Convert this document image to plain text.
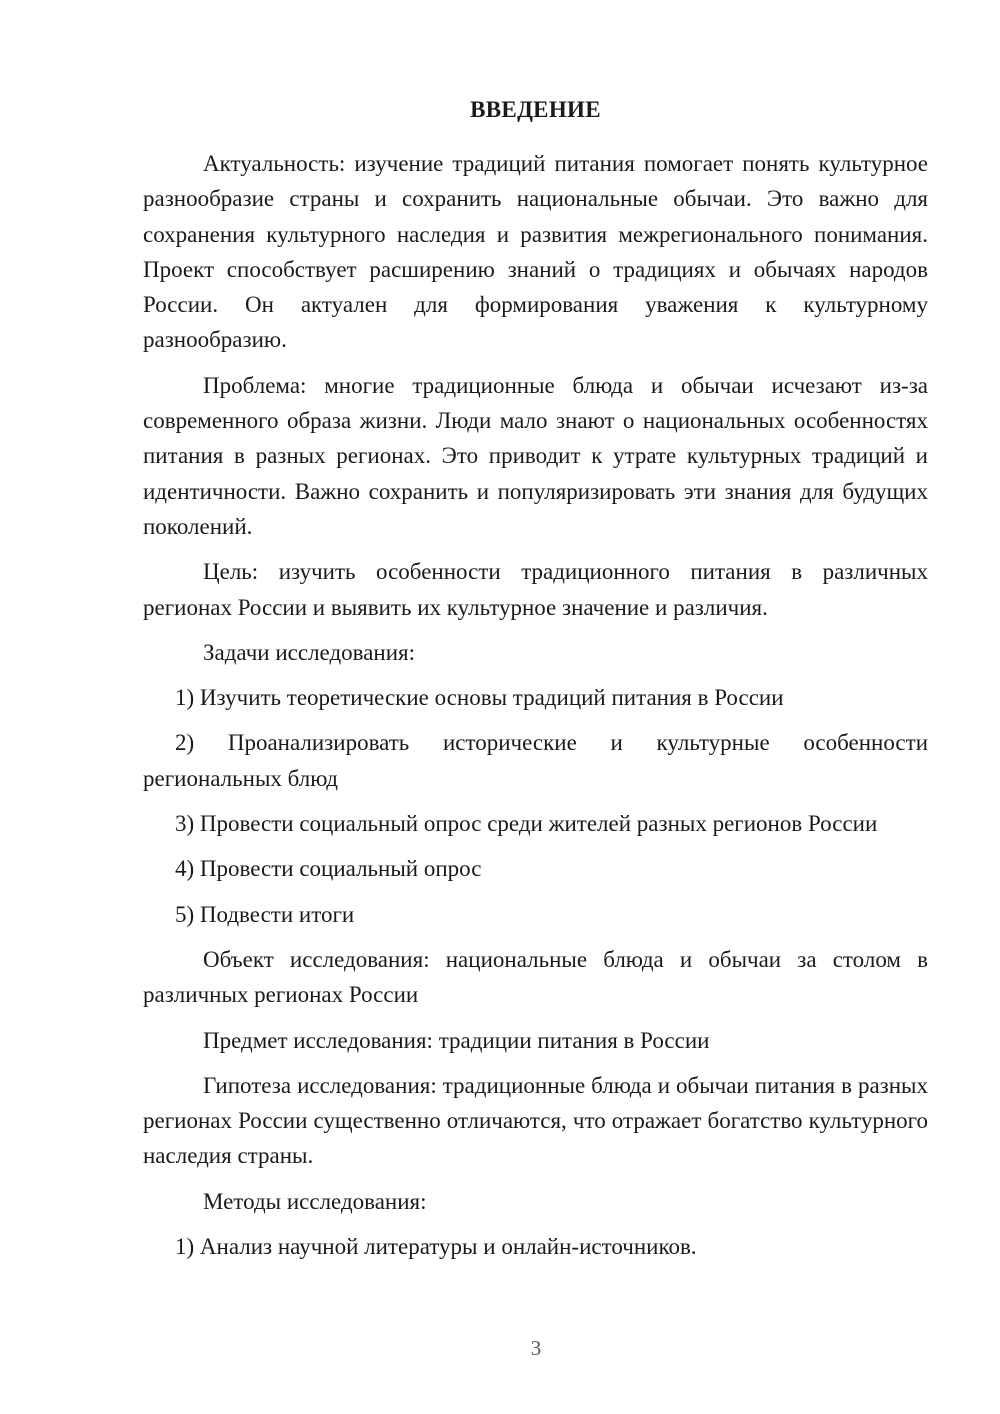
ВВЕДЕНИЕ

Актуальность: изучение традиций питания помогает понять культурное разнообразие страны и сохранить национальные обычаи. Это важно для сохранения культурного наследия и развития межрегионального понимания. Проект способствует расширению знаний о традициях и обычаях народов России. Он актуален для формирования уважения к культурному разнообразию.

Проблема: многие традиционные блюда и обычаи исчезают из-за современного образа жизни. Люди мало знают о национальных особенностях питания в разных регионах. Это приводит к утрате культурных традиций и идентичности. Важно сохранить и популяризировать эти знания для будущих поколений.

Цель: изучить особенности традиционного питания в различных регионах России и выявить их культурное значение и различия.

Задачи исследования:

1) Изучить теоретические основы традиций питания в России

2) Проанализировать исторические и культурные особенности региональных блюд

3) Провести социальный опрос среди жителей разных регионов России

4) Провести социальный опрос

5) Подвести итоги

Объект исследования: национальные блюда и обычаи за столом в различных регионах России

Предмет исследования: традиции питания в России

Гипотеза исследования: традиционные блюда и обычаи питания в разных регионах России существенно отличаются, что отражает богатство культурного наследия страны.

Методы исследования:

1) Анализ научной литературы и онлайн-источников.

3
